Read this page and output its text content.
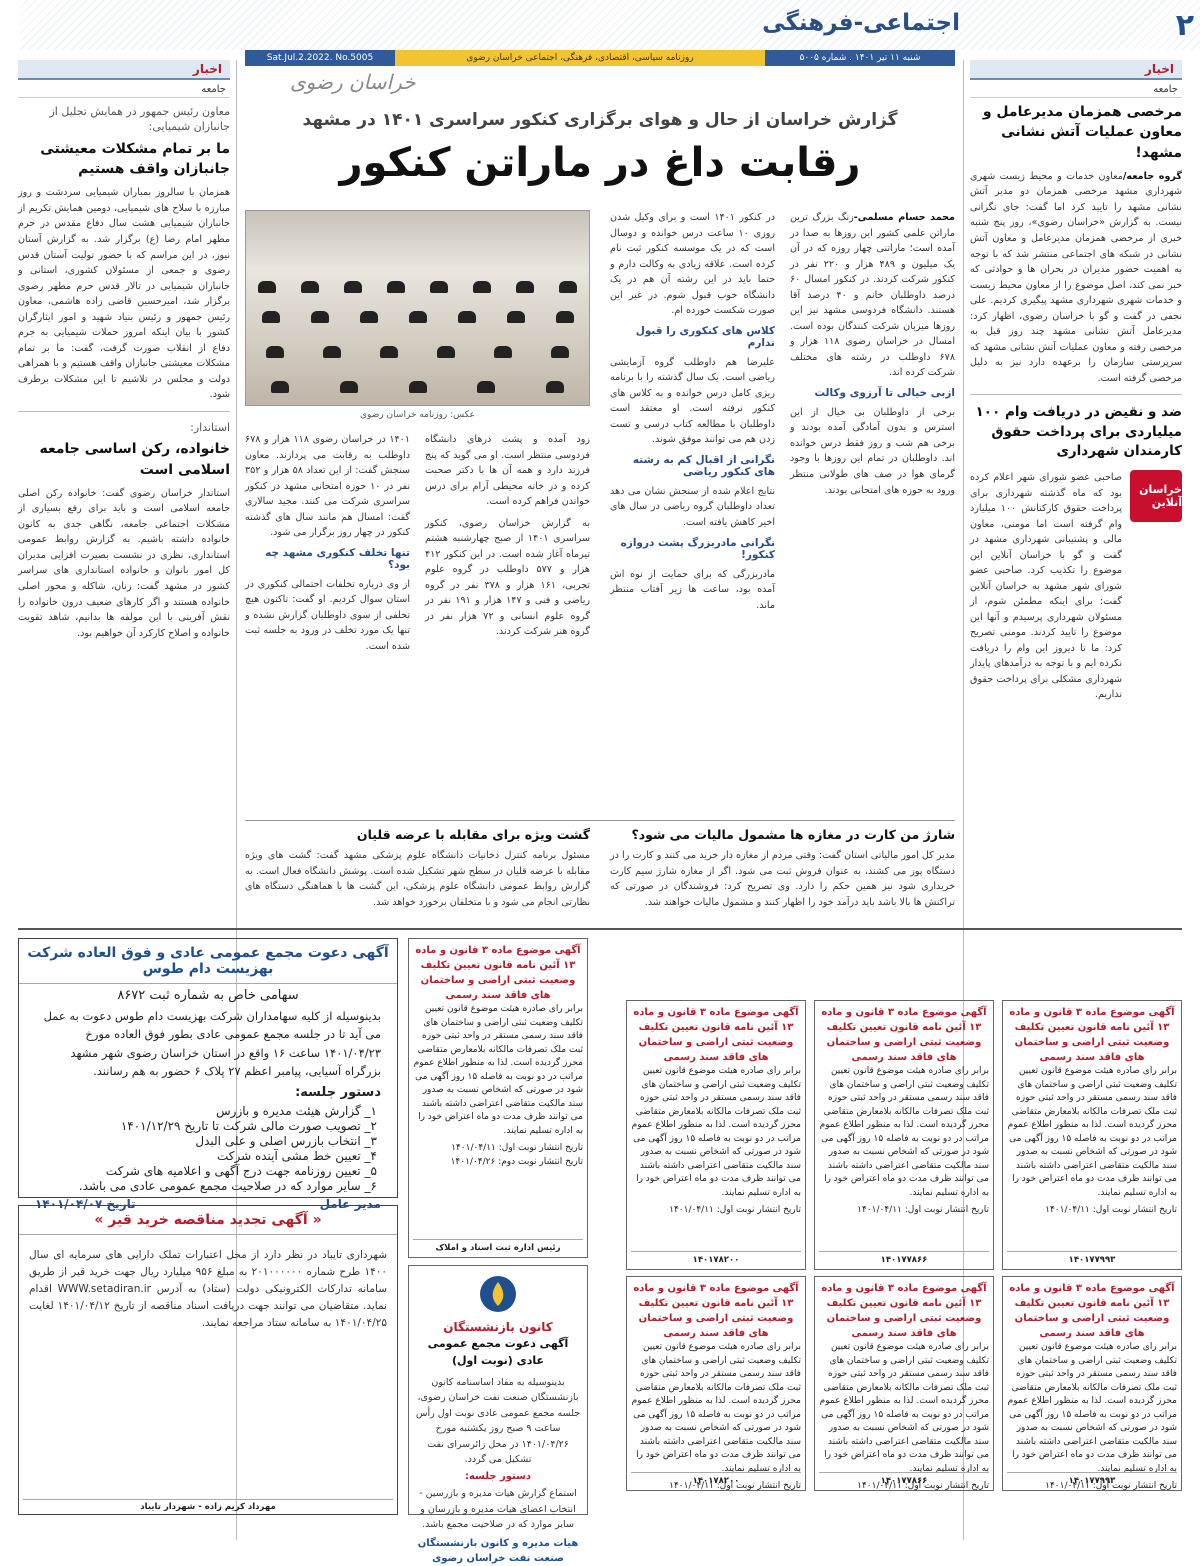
۲
اجتماعی-فرهنگی
شنبه ۱۱ تیر ۱۴۰۱ . شماره ۵۰۰۵
روزنامه سیاسی، اقتصادی، فرهنگی، اجتماعی خراسان رضوی
Sat.Jul.2.2022. No.5005
خراسان رضوی
اخبار
جامعه
مرخصی همزمان مدیرعامل و معاون عملیات آتش نشانی مشهد!
گروه جامعه/معاون خدمات و محیط زیست شهری شهرداری مشهد مرخصی همزمان دو مدیر آتش نشانی مشهد را تایید کرد اما گفت: جای نگرانی نیست. به گزارش «خراسان رضوی»، روز پنج شنبه خبری از مرخصی همزمان مدیرعامل و معاون آتش نشانی در شبکه های اجتماعی منتشر شد که با توجه به اهمیت حضور مدیران در بحران ها و حوادثی که خبر نمی کند، اصل موضوع را از معاون محیط زیست و خدمات شهری شهرداری مشهد پیگیری کردیم. علی نجفی در گفت و گو با خراسان رضوی، اظهار کرد: مدیرعامل آتش نشانی مشهد چند روز قبل به مرخصی رفته و معاون عملیات آتش نشانی مشهد که سرپرستی سازمان را برعهده دارد نیز به دلیل مرخصی گرفته است.
ضد و نقیض در دریافت وام ۱۰۰ میلیاردی برای پرداخت حقوق کارمندان شهرداری
خراسان آنلاین
صاحبی عضو شورای شهر اعلام کرده بود که ماه گذشته شهرداری برای پرداخت حقوق کارکنانش ۱۰۰ میلیارد وام گرفته است اما مومنی، معاون مالی و پشتیبانی شهرداری مشهد در گفت و گو با خراسان آنلاین این موضوع را تکذیب کرد. صاحبی عضو شورای شهر مشهد به خراسان آنلاین گفت: برای اینکه مطمئن شوم، از مسئولان شهرداری پرسیدم و آنها این موضوع را تایید کردند. مومنی تصریح کرد: ما تا دیروز این وام را دریافت نکرده ایم و با توجه به درآمدهای پایدار شهرداری مشکلی برای پرداخت حقوق نداریم.
اخبار
جامعه
معاون رئیس جمهور در همایش تجلیل از جانبازان شیمیایی:
ما بر تمام مشکلات معیشتی جانبازان واقف هستیم
همزمان با سالروز بمباران شیمیایی سردشت و روز مبارزه با سلاح های شیمیایی، دومین همایش تکریم از جانبازان شیمیایی هشت سال دفاع مقدس در حرم مطهر امام رضا (ع) برگزار شد. به گزارش آستان نیوز، در این مراسم که با حضور تولیت آستان قدس رضوی و جمعی از مسئولان کشوری، استانی و جانبازان شیمیایی در تالار قدس حرم مطهر رضوی برگزار شد، امیرحسین قاضی زاده هاشمی، معاون رئیس جمهور و رئیس بنیاد شهید و امور ایثارگران کشور با بیان اینکه امروز حملات شیمیایی به جرم دفاع از انقلاب صورت گرفت، گفت: ما بر تمام مشکلات معیشتی جانبازان واقف هستیم و با همراهی دولت و مجلس در تلاشیم تا این مشکلات برطرف شود.
استاندار:
خانواده، رکن اساسی جامعه اسلامی است
استاندار خراسان رضوی گفت: خانواده رکن اصلی جامعه اسلامی است و باید برای رفع بسیاری از مشکلات اجتماعی جامعه، نگاهی جدی به کانون خانواده داشته باشیم. به گزارش روابط عمومی استانداری، نظری در نشست بصیرت افزایی مدیران کل امور بانوان و خانواده استانداری های سراسر کشور در مشهد گفت: زنان، شاکله و محور اصلی خانواده هستند و اگر کارهای ضعیف درون خانواده را نقش آفرینی با این مولفه ها بدانیم، شاهد تقویت خانواده و اصلاح کارکرد آن خواهیم بود.
گزارش خراسان از حال و هوای برگزاری کنکور سراسری ۱۴۰۱ در مشهد
رقابت داغ در ماراتن کنکور
محمد حسام مسلمی-زنگ بزرگ ترین ماراتن علمی کشور این روزها به صدا در آمده است؛ ماراتنی چهار روزه که در آن یک میلیون و ۴۸۹ هزار و ۲۲۰ نفر در کنکور شرکت کردند. در کنکور امسال ۶۰ درصد داوطلبان خانم و ۴۰ درصد آقا هستند. دانشگاه فردوسی مشهد نیز این روزها میزبان شرکت کنندگان بوده است. امسال در خراسان رضوی ۱۱۸ هزار و ۶۷۸ داوطلب در رشته های مختلف شرکت کرده اند.
ازبی خیالی تا آرزوی وکالت
برخی از داوطلبان بی خیال از این استرس و بدون آمادگی آمده بودند و برخی هم شب و روز فقط درس خوانده اند. داوطلبان در تمام این روزها با وجود گرمای هوا در صف های طولانی منتظر ورود به حوزه های امتحانی بودند.
در کنکور ۱۴۰۱ است و برای وکیل شدن روزی ۱۰ ساعت درس خوانده و دوسال است که در یک موسسه کنکور ثبت نام کرده است. علاقه زیادی به وکالت دارم و حتما باید در این رشته آن هم در یک دانشگاه خوب قبول شوم. در غیر این صورت شکست خورده ام.
کلاس های کنکوری را قبول ندارم
علیرضا هم داوطلب گروه آزمایشی ریاضی است. یک سال گذشته را با برنامه ریزی کامل درس خوانده و به کلاس های کنکور نرفته است. او معتقد است داوطلبان با مطالعه کتاب درسی و تست زدن هم می توانند موفق شوند.
نگرانی از اقبال کم به رشته های کنکور ریاضی
نتایج اعلام شده از سنجش نشان می دهد تعداد داوطلبان گروه ریاضی در سال های اخیر کاهش یافته است.
نگرانی مادربزرگ پشت دروازه کنکور!
مادربزرگی که برای حمایت از نوه اش آمده بود، ساعت ها زیر آفتاب منتظر ماند.
عکس: روزنامه خراسان رضوی
زود آمده و پشت درهای دانشگاه فردوسی منتظر است. او می گوید که پنج فرزند دارد و همه آن ها با دکتر صحبت کرده و در خانه محیطی آرام برای درس خواندن فراهم کرده است.
به گزارش خراسان رضوی، کنکور سراسری ۱۴۰۱ از صبح چهارشنبه هشتم تیرماه آغاز شده است. در این کنکور ۴۱۲ هزار و ۵۷۷ داوطلب در گروه علوم تجربی، ۱۶۱ هزار و ۳۷۸ نفر در گروه ریاضی و فنی و ۱۴۷ هزار و ۱۹۱ نفر در گروه علوم انسانی و ۷۲ هزار نفر در گروه هنر شرکت کردند.
۱۴۰۱ در خراسان رضوی ۱۱۸ هزار و ۶۷۸ داوطلب به رقابت می پردازند. معاون سنجش گفت: از این تعداد ۵۸ هزار و ۳۵۲ نفر در ۱۰ حوزه امتحانی مشهد در کنکور سراسری شرکت می کنند. مجید سالاری گفت: امسال هم مانند سال های گذشته کنکور در چهار روز برگزار می شود.
تنها تخلف کنکوری مشهد چه بود؟
از وی درباره تخلفات احتمالی کنکوری در استان سوال کردیم. او گفت: تاکنون هیچ تخلفی از سوی داوطلبان گزارش نشده و تنها یک مورد تخلف در ورود به جلسه ثبت شده است.
شارژ من کارت در مغازه ها مشمول مالیات می شود؟
مدیر کل امور مالیاتی استان گفت: وقتی مردم از مغازه دار خرید می کنند و کارت را در دستگاه پوز می کشند، به عنوان فروش ثبت می شود. اگر از مغازه شارژ سیم کارت خریداری شود نیز همین حکم را دارد. وی تصریح کرد: فروشندگان در صورتی که تراکنش ها بالا باشد باید درآمد خود را اظهار کنند و مشمول مالیات خواهند شد.
گشت ویژه برای مقابله با عرضه قلیان
مسئول برنامه کنترل دخانیات دانشگاه علوم پزشکی مشهد گفت: گشت های ویژه مقابله با عرضه قلیان در سطح شهر تشکیل شده است. پوشش دانشگاه فعال است. به گزارش روابط عمومی دانشگاه علوم پزشکی، این گشت ها با هماهنگی دستگاه های نظارتی انجام می شود و با متخلفان برخورد خواهد شد.
آگهی دعوت مجمع عمومی عادی و فوق العاده شرکت بهزیست دام طوس
سهامی خاص به شماره ثبت ۸۶۷۲
بدینوسیله از کلیه سهامداران شرکت بهزیست دام طوس دعوت به عمل می آید تا در جلسه مجمع عمومی عادی بطور فوق العاده مورخ ۱۴۰۱/۰۴/۲۳ ساعت ۱۶ واقع در استان خراسان رضوی شهر مشهد بزرگراه آسیایی، پیامبر اعظم ۲۷ پلاک ۶ حضور به هم رسانند.
دستور جلسه:
۱_ گزارش هیئت مدیره و بازرس
۲_ تصویب صورت مالی شرکت تا تاریخ ۱۴۰۱/۱۲/۲۹
۳_ انتخاب بازرس اصلی و علی البدل
۴_ تعیین خط مشی آینده شرکت
۵_ تعیین روزنامه جهت درج آگهی و اعلامیه های شرکت
۶_ سایر موارد که در صلاحیت مجمع عمومی عادی می باشد.
مدیر عامل
تاریخ ۱۴۰۱/۰۴/۰۷
« آگهی تجدید مناقصه خرید قیر »
شهرداری تایباد در نظر دارد از محل اعتبارات تملک دارایی های سرمایه ای سال ۱۴۰۰ طرح شماره ۲۰۱۰۰۰۰۰۰ به مبلغ ۹۵۶ میلیارد ریال جهت خرید قیر از طریق سامانه تدارکات الکترونیکی دولت (ستاد) به آدرس WWW.setadiran.ir اقدام نماید. متقاضیان می توانند جهت دریافت اسناد مناقصه از تاریخ ۱۴۰۱/۰۴/۱۲ لغایت ۱۴۰۱/۰۴/۲۵ به سامانه ستاد مراجعه نمایند.
مهرداد کریم زاده - شهردار تایباد
کانون بازنشستگان
آگهی دعوت مجمع عمومی عادی (نوبت اول)
بدینوسیله به مفاد اساسنامه کانون بازنشستگان صنعت نفت خراسان رضوی، جلسه مجمع عمومی عادی نوبت اول رأس ساعت ۹ صبح روز یکشنبه مورخ ۱۴۰۱/۰۴/۲۶ در محل زائرسرای نفت تشکیل می گردد.
دستور جلسه:
استماع گزارش هیات مدیره و بازرسین - انتخاب اعضای هیات مدیره و بازرسان و سایر موارد که در صلاحیت مجمع باشد.
هیات مدیره و کانون بازنشستگان صنعت نفت خراسان رضوی
آگهی موضوع ماده ۳ قانون و ماده ۱۳ آئین نامه قانون تعیین تکلیف وضعیت ثبتی اراضی و ساختمان های فاقد سند رسمی
برابر رای صادره هیئت موضوع قانون تعیین تکلیف وضعیت ثبتی اراضی و ساختمان های فاقد سند رسمی مستقر در واحد ثبتی حوزه ثبت ملک تصرفات مالکانه بلامعارض متقاضی محرز گردیده است. لذا به منظور اطلاع عموم مراتب در دو نوبت به فاصله ۱۵ روز آگهی می شود در صورتی که اشخاص نسبت به صدور سند مالکیت متقاضی اعتراضی داشته باشند می توانند ظرف مدت دو ماه اعتراض خود را به اداره تسلیم نمایند.
تاریخ انتشار نوبت اول: ۱۴۰۱/۰۴/۱۱
۱۴۰۱۷۷۹۹۳
آگهی موضوع ماده ۳ قانون و ماده ۱۳ آئین نامه قانون تعیین تکلیف وضعیت ثبتی اراضی و ساختمان های فاقد سند رسمی
برابر رای صادره هیئت موضوع قانون تعیین تکلیف وضعیت ثبتی اراضی و ساختمان های فاقد سند رسمی مستقر در واحد ثبتی حوزه ثبت ملک تصرفات مالکانه بلامعارض متقاضی محرز گردیده است. لذا به منظور اطلاع عموم مراتب در دو نوبت به فاصله ۱۵ روز آگهی می شود در صورتی که اشخاص نسبت به صدور سند مالکیت متقاضی اعتراضی داشته باشند می توانند ظرف مدت دو ماه اعتراض خود را به اداره تسلیم نمایند.
تاریخ انتشار نوبت اول: ۱۴۰۱/۰۴/۱۱
۱۴۰۱۷۷۸۶۶
آگهی موضوع ماده ۳ قانون و ماده ۱۳ آئین نامه قانون تعیین تکلیف وضعیت ثبتی اراضی و ساختمان های فاقد سند رسمی
برابر رای صادره هیئت موضوع قانون تعیین تکلیف وضعیت ثبتی اراضی و ساختمان های فاقد سند رسمی مستقر در واحد ثبتی حوزه ثبت ملک تصرفات مالکانه بلامعارض متقاضی محرز گردیده است. لذا به منظور اطلاع عموم مراتب در دو نوبت به فاصله ۱۵ روز آگهی می شود در صورتی که اشخاص نسبت به صدور سند مالکیت متقاضی اعتراضی داشته باشند می توانند ظرف مدت دو ماه اعتراض خود را به اداره تسلیم نمایند.
تاریخ انتشار نوبت اول: ۱۴۰۱/۰۴/۱۱
۱۴۰۱۷۸۲۰۰
آگهی موضوع ماده ۳ قانون و ماده ۱۳ آئین نامه قانون تعیین تکلیف وضعیت ثبتی اراضی و ساختمان های فاقد سند رسمی
برابر رای صادره هیئت موضوع قانون تعیین تکلیف وضعیت ثبتی اراضی و ساختمان های فاقد سند رسمی مستقر در واحد ثبتی حوزه ثبت ملک تصرفات مالکانه بلامعارض متقاضی محرز گردیده است. لذا به منظور اطلاع عموم مراتب در دو نوبت به فاصله ۱۵ روز آگهی می شود در صورتی که اشخاص نسبت به صدور سند مالکیت متقاضی اعتراضی داشته باشند می توانند ظرف مدت دو ماه اعتراض خود را به اداره تسلیم نمایند.
تاریخ انتشار نوبت اول: ۱۴۰۱/۰۴/۱۱
۱۴۰۱۷۷۹۹۳
آگهی موضوع ماده ۳ قانون و ماده ۱۳ آئین نامه قانون تعیین تکلیف وضعیت ثبتی اراضی و ساختمان های فاقد سند رسمی
برابر رای صادره هیئت موضوع قانون تعیین تکلیف وضعیت ثبتی اراضی و ساختمان های فاقد سند رسمی مستقر در واحد ثبتی حوزه ثبت ملک تصرفات مالکانه بلامعارض متقاضی محرز گردیده است. لذا به منظور اطلاع عموم مراتب در دو نوبت به فاصله ۱۵ روز آگهی می شود در صورتی که اشخاص نسبت به صدور سند مالکیت متقاضی اعتراضی داشته باشند می توانند ظرف مدت دو ماه اعتراض خود را به اداره تسلیم نمایند.
تاریخ انتشار نوبت اول: ۱۴۰۱/۰۴/۱۱
۱۴۰۱۷۷۸۶۶
آگهی موضوع ماده ۳ قانون و ماده ۱۳ آئین نامه قانون تعیین تکلیف وضعیت ثبتی اراضی و ساختمان های فاقد سند رسمی
برابر رای صادره هیئت موضوع قانون تعیین تکلیف وضعیت ثبتی اراضی و ساختمان های فاقد سند رسمی مستقر در واحد ثبتی حوزه ثبت ملک تصرفات مالکانه بلامعارض متقاضی محرز گردیده است. لذا به منظور اطلاع عموم مراتب در دو نوبت به فاصله ۱۵ روز آگهی می شود در صورتی که اشخاص نسبت به صدور سند مالکیت متقاضی اعتراضی داشته باشند می توانند ظرف مدت دو ماه اعتراض خود را به اداره تسلیم نمایند.
تاریخ انتشار نوبت اول: ۱۴۰۱/۰۴/۱۱
۱۴۰۱۷۸۲۰۰
آگهی موضوع ماده ۳ قانون و ماده ۱۳ آئین نامه قانون تعیین تکلیف وضعیت ثبتی اراضی و ساختمان های فاقد سند رسمی
برابر رای صادره هیئت موضوع قانون تعیین تکلیف وضعیت ثبتی اراضی و ساختمان های فاقد سند رسمی مستقر در واحد ثبتی حوزه ثبت ملک تصرفات مالکانه بلامعارض متقاضی محرز گردیده است. لذا به منظور اطلاع عموم مراتب در دو نوبت به فاصله ۱۵ روز آگهی می شود در صورتی که اشخاص نسبت به صدور سند مالکیت متقاضی اعتراضی داشته باشند می توانند ظرف مدت دو ماه اعتراض خود را به اداره تسلیم نمایند.
تاریخ انتشار نوبت اول: ۱۴۰۱/۰۴/۱۱
تاریخ انتشار نوبت دوم: ۱۴۰۱/۰۴/۲۶
رئیس اداره ثبت اسناد و املاک
